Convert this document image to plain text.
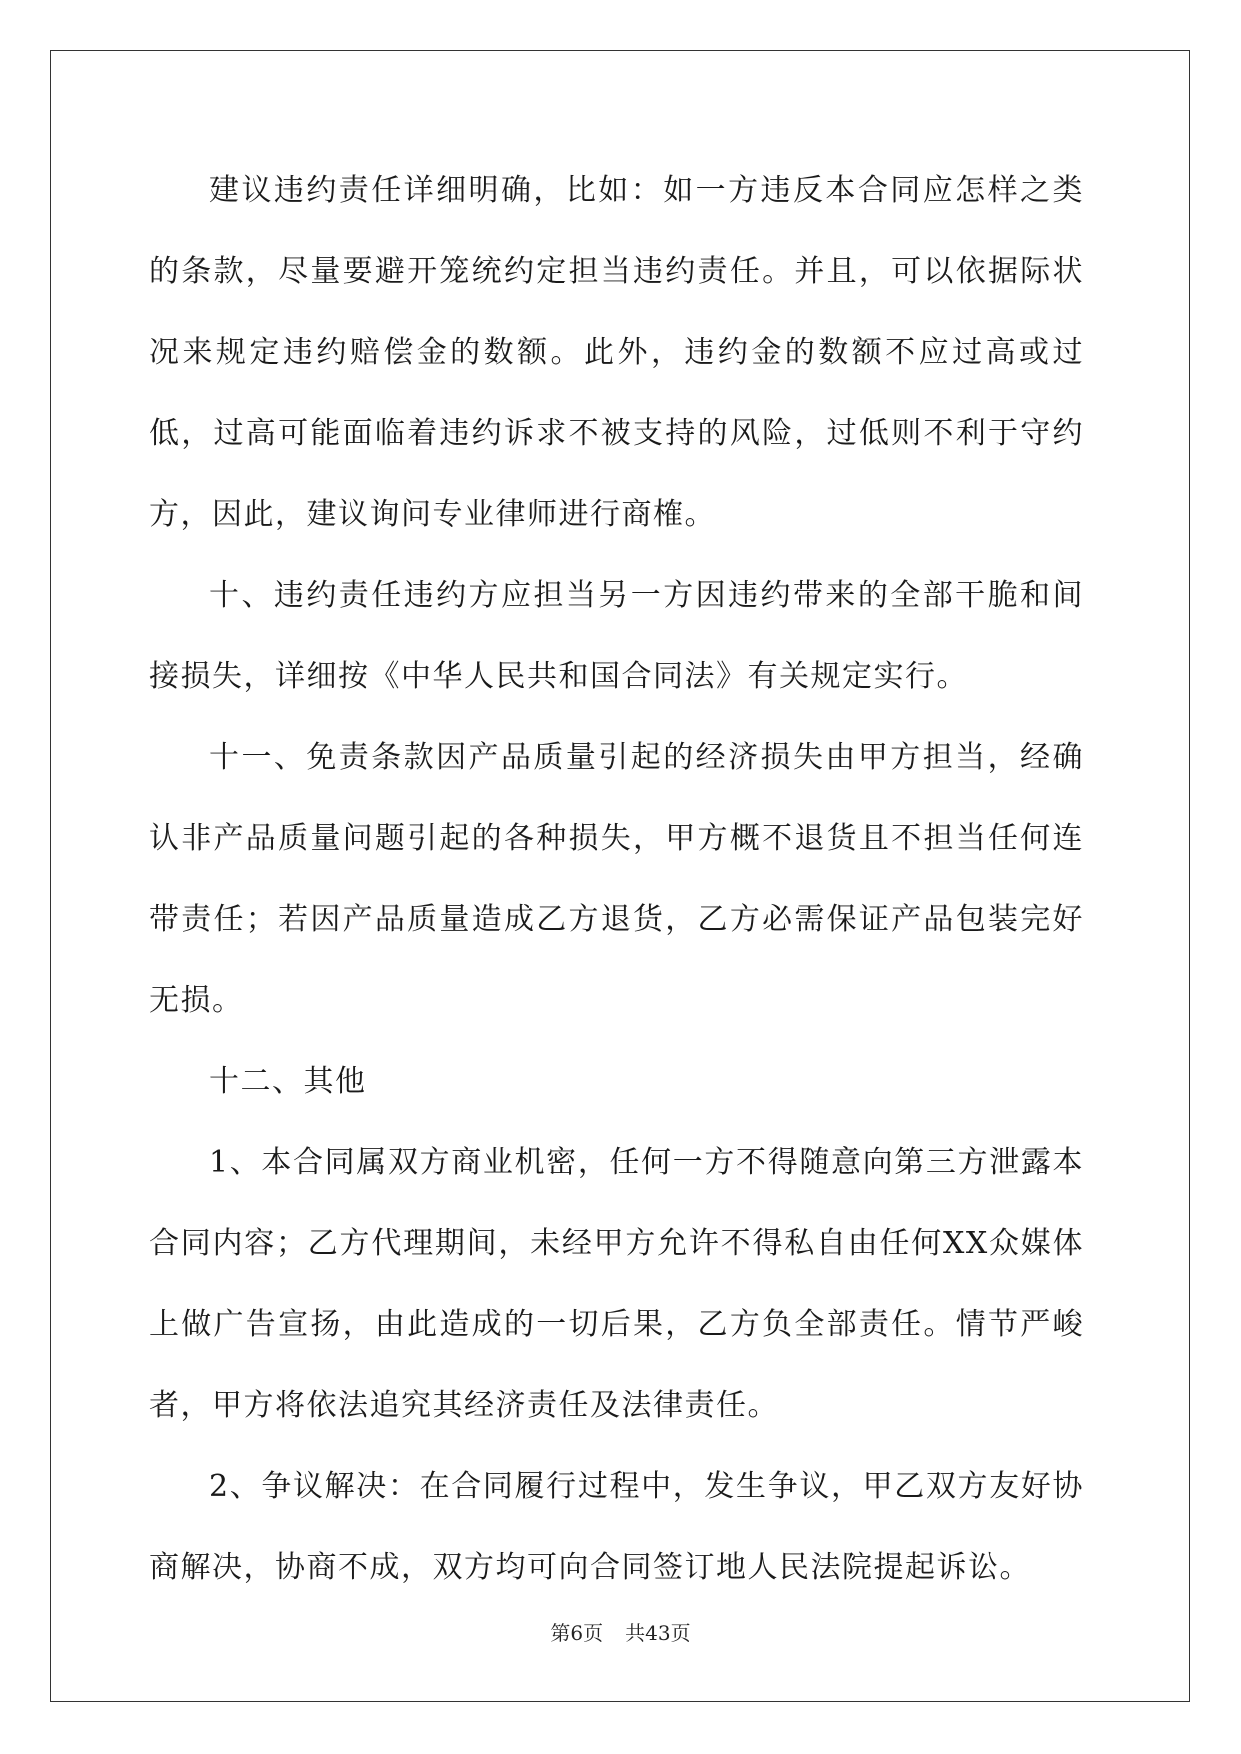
建议违约责任详细明确，比如：如一方违反本合同应怎样之类的条款，尽量要避开笼统约定担当违约责任。并且，可以依据际状况来规定违约赔偿金的数额。此外，违约金的数额不应过高或过低，过高可能面临着违约诉求不被支持的风险，过低则不利于守约方，因此，建议询问专业律师进行商榷。

十、违约责任违约方应担当另一方因违约带来的全部干脆和间接损失，详细按《中华人民共和国合同法》有关规定实行。

十一、免责条款因产品质量引起的经济损失由甲方担当，经确认非产品质量问题引起的各种损失，甲方概不退货且不担当任何连带责任；若因产品质量造成乙方退货，乙方必需保证产品包装完好无损。

十二、其他

1、本合同属双方商业机密，任何一方不得随意向第三方泄露本合同内容；乙方代理期间，未经甲方允许不得私自由任何XX众媒体上做广告宣扬，由此造成的一切后果，乙方负全部责任。情节严峻者，甲方将依法追究其经济责任及法律责任。

2、争议解决：在合同履行过程中，发生争议，甲乙双方友好协商解决，协商不成，双方均可向合同签订地人民法院提起诉讼。

第6页 共43页
